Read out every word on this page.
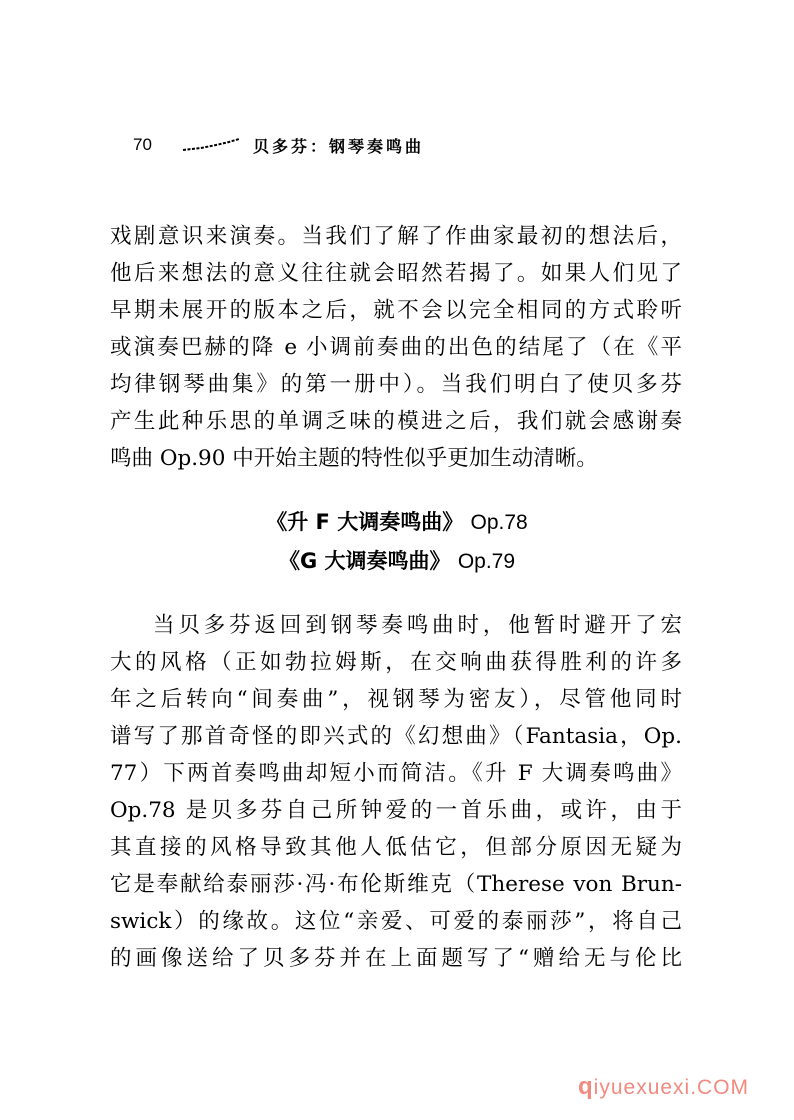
70	贝多芬：钢琴奏鸣曲
戏剧意识来演奏。当我们了解了作曲家最初的想法后，
他后来想法的意义往往就会昭然若揭了。如果人们见了
早期未展开的版本之后，就不会以完全相同的方式聆听
或演奏巴赫的降 e 小调前奏曲的出色的结尾了（在《平
均律钢琴曲集》的第一册中）。当我们明白了使贝多芬
产生此种乐思的单调乏味的模进之后，我们就会感谢奏
鸣曲 Op.90 中开始主题的特性似乎更加生动清晰。
《升 F 大调奏鸣曲》 Op.78
《G 大调奏鸣曲》 Op.79
当贝多芬返回到钢琴奏鸣曲时，他暂时避开了宏
大的风格（正如勃拉姆斯，在交响曲获得胜利的许多
年之后转向“间奏曲”，视钢琴为密友），尽管他同时
谱写了那首奇怪的即兴式的《幻想曲》（Fantasia，Op.
77）下两首奏鸣曲却短小而简洁。《升 F 大调奏鸣曲》
Op.78 是贝多芬自己所钟爱的一首乐曲，或许，由于
其直接的风格导致其他人低估它，但部分原因无疑为
它是奉献给泰丽莎·冯·布伦斯维克（Therese von Brun-
swick）的缘故。这位“亲爱、可爱的泰丽莎”，将自己
的画像送给了贝多芬并在上面题写了“赠给无与伦比
qiyuexuexi.COM
